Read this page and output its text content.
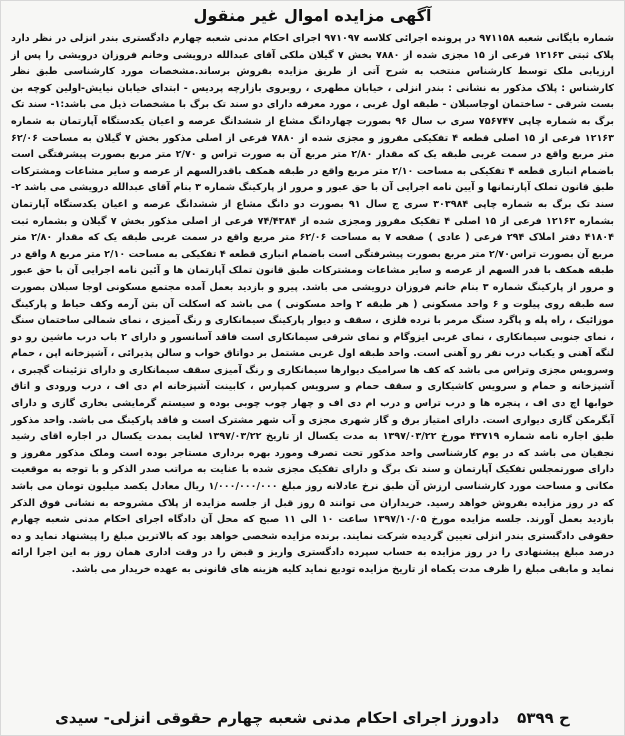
آگهی مزایده اموال غیر منقول
شماره بایگانی شعبه ۹۷۱۱۵۸ در پرونده اجرائی کلاسه ۹۷۱۰۹۷ اجرای احکام مدنی شعبه چهارم دادگستری بندر انزلی در نظر دارد پلاک ثبتی ۱۲۱۶۳ فرعی از ۱۵ مجزی شده از ۷۸۸۰ بخش ۷ گیلان ملکی آقای عبدالله درویشی وخانم فروزان درویشی را پس از ارزیابی ملک توسط کارشناس منتخب به شرح آتی از طریق مزایده بفروش برساند.مشخصات مورد کارشناسی طبق نظر کارشناس : پلاک مذکور به نشانی : بندر انزلی ، خیابان مطهری ، روبروی بازارچه پردیس - ابتدای خیابان نیایش-اولین کوچه بن بست شرقی - ساختمان اوجاسبلان - طبقه اول غربی ، مورد معرفه دارای دو سند تک برگ با مشخصات ذیل می باشد:۱- سند تک برگ به شماره چاپی ۷۵۶۷۴۷ سری ب سال ۹۶ بصورت چهاردانگ مشاع از ششدانگ عرصه و اعیان یکدستگاه آپارتمان به شماره ۱۲۱۶۳ فرعی از ۱۵ اصلی قطعه ۴ تفکیکی مفروز و مجزی شده از ۷۸۸۰ فرعی از اصلی مذکور بخش ۷ گیلان به مساحت ۶۲/۰۶ متر مربع واقع در سمت غربی طبقه یک که مقدار ۲/۸۰ متر مربع آن به صورت تراس و ۲/۷۰ متر مربع بصورت پیشرفتگی است باضمام انباری قطعه ۴ تفکیکی به مساحت ۲/۱۰ متر مربع واقع در طبقه همکف باقدرالسهم از عرصه و سایر مشاعات ومشترکات طبق قانون تملک آپارتمانها و آیین نامه اجرایی آن با حق عبور و مرور از پارکینگ شماره ۳ بنام آقای عبدالله درویشی می باشد ۲- سند تک برگ به شماره چاپی ۳۰۳۹۸۴ سری ج سال ۹۱ بصورت دو دانگ مشاع از ششدانگ عرصه و اعیان یکدستگاه آپارتمان بشماره ۱۲۱۶۳ فرعی از ۱۵ اصلی ۴ تفکیک مفروز ومجزی شده از ۷۴/۴۳۸۴ فرعی از اصلی مذکور بخش ۷ گیلان و بشماره ثبت ۴۱۸۰۴ دفتر املاک ۲۹۴ فرعی ( عادی ) صفحه ۷ به مساحت ۶۲/۰۶ متر مربع واقع در سمت غربی طبقه یک که مقدار ۲/۸۰ متر مربع آن بصورت تراس۲/۷۰ متر مربع بصورت پیشرفتگی است باضمام انباری قطعه ۴ تفکیکی به مساحت ۲/۱۰ متر مربع ۸ واقع در طبقه همکف با قدر السهم از عرصه و سایر مشاعات ومشترکات طبق قانون تملک آپارتمان ها و آئین نامه اجرایی آن با حق عبور و مرور از پارکینگ شماره ۳ بنام خانم فروزان درویشی می باشد. پیرو و بازدید بعمل آمده مجتمع مسکونی اوجا سبلان بصورت سه طبقه روی پیلوت و ۶ واحد مسکونی ( هر طبقه ۲ واحد مسکونی ) می باشد که اسکلت آن بتن آرمه وکف حیاط و پارکینگ موزائیک ، راه پله و پاگرد سنگ مرمر با نرده فلزی ، سقف و دیوار پارکینگ سیمانکاری و رنگ آمیزی ، نمای شمالی ساختمان سنگ ، نمای جنوبی سیمانکاری ، نمای غربی ایزوگام و نمای شرقی سیمانکاری است فاقد آسانسور و دارای ۲ باب درب ماشین رو دو لنگه آهنی و یکباب درب نفر رو آهنی است. واحد طبقه اول غربی مشتمل بر دواتاق خواب و سالن پذیرائی ، آشپزخانه اپن ، حمام وسرویس مجزی وتراس می باشد که کف ها سرامیک دیوارها سیمانکاری و رنگ آمیزی سقف سیمانکاری و دارای تزئینات گچبری ، آشپزخانه و حمام و سرویس کاشیکاری و سقف حمام و سرویس کمپارس ، کابینت آشپزخانه ام دی اف ، درب ورودی و اتاق خوابها اچ دی اف ، پنجره ها و درب تراس و درب ام دی اف و چهار چوب چوبی بوده و سیستم گرمایشی بخاری گازی و دارای آبگرمکن گازی دیواری است. دارای امتیاز برق و گاز شهری مجزی و آب شهر مشترک است و فاقد پارکینگ می باشد. واحد مذکور طبق اجاره نامه شماره ۴۳۷۱۹ مورخ ۱۳۹۷/۰۳/۲۲ به مدت یکسال از تاریخ ۱۳۹۷/۰۳/۲۲ لغایت بمدت یکسال در اجاره اقای رشید نجفیان می باشد که در یوم کارشناسی واحد مذکور تحت تصرف ومورد بهره برداری مستاجر بوده است وملک مذکور مفروز و دارای صورتمجلس تفکیک آپارتمان و سند تک برگ و دارای تفکیک مجزی شده با عنایت به مراتب صدر الذکر و با توجه به موقعیت مکانی و مساحت مورد کارشناسی ارزش آن طبق نرخ عادلانه روز مبلغ ۱/۰۰۰/۰۰۰/۰۰۰ ریال معادل یکصد میلیون تومان می باشد که در روز مزایده بفروش خواهد رسید. خریداران می توانند ۵ روز قبل از جلسه مزایده از پلاک مشروحه به نشانی فوق الذکر بازدید بعمل آورند. جلسه مزایده مورخ ۱۳۹۷/۱۰/۰۵ ساعت ۱۰ الی ۱۱ صبح که محل آن دادگاه اجرای احکام مدنی شعبه چهارم حقوقی دادگستری بندر انزلی تعیین گردیده شرکت نمایند. برنده مزایده شخصی خواهد بود که بالاترین مبلغ را پیشنهاد نماید و ده درصد مبلغ پیشنهادی را در روز مزایده به حساب سپرده دادگستری واریز و قبض را در وقت اداری همان روز به این اجرا ارائه نماید و مابقی مبلغ را ظرف مدت یکماه از تاریخ مزایده تودیع نماید کلیه هزینه های قانونی به عهده خریدار می باشد.
ح ۵۳۹۹
دادورز اجرای احکام مدنی شعبه چهارم حقوقی انزلی- سیدی
